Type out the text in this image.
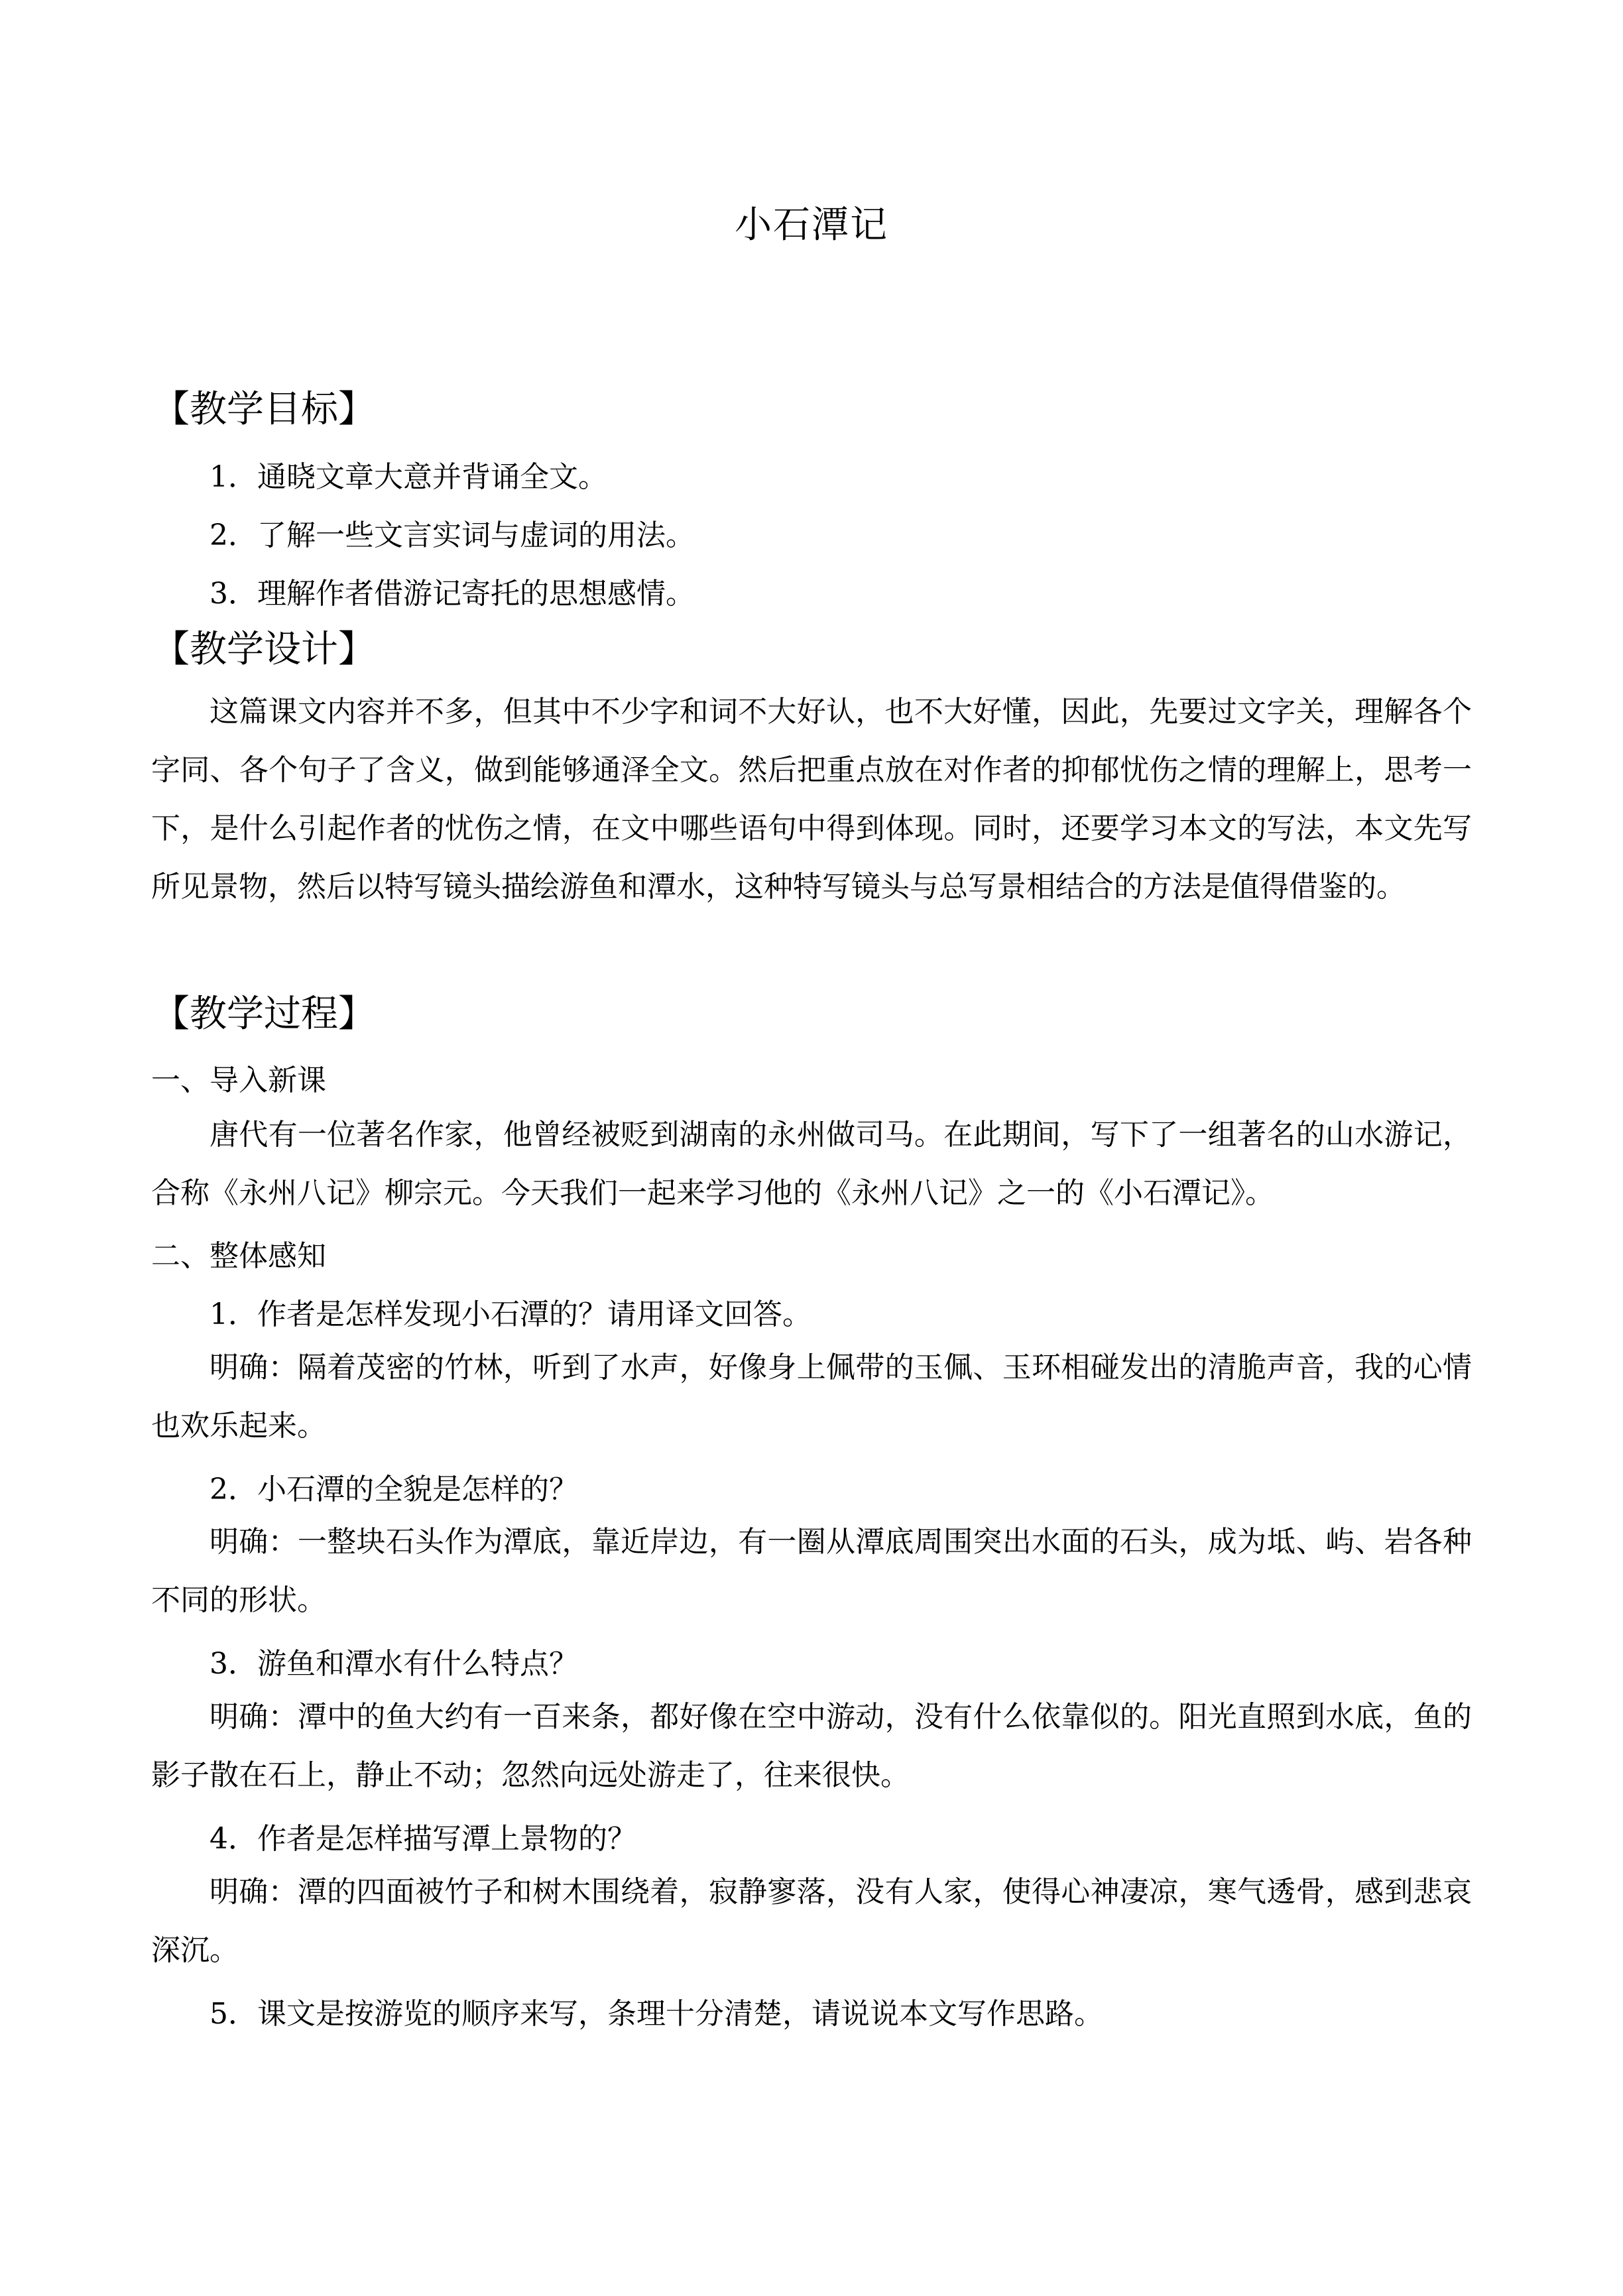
小石潭记
【教学目标】
1．通晓文章大意并背诵全文。
2．了解一些文言实词与虚词的用法。
3．理解作者借游记寄托的思想感情。
【教学设计】
这篇课文内容并不多，但其中不少字和词不大好认，也不大好懂，因此，先要过文字关，理解各个字同、各个句子了含义，做到能够通泽全文。然后把重点放在对作者的抑郁忧伤之情的理解上，思考一下，是什么引起作者的忧伤之情，在文中哪些语句中得到体现。同时，还要学习本文的写法，本文先写所见景物，然后以特写镜头描绘游鱼和潭水，这种特写镜头与总写景相结合的方法是值得借鉴的。
【教学过程】
一、导入新课
唐代有一位著名作家，他曾经被贬到湖南的永州做司马。在此期间，写下了一组著名的山水游记，合称《永州八记》柳宗元。今天我们一起来学习他的《永州八记》之一的《小石潭记》。
二、整体感知
1．作者是怎样发现小石潭的？请用译文回答。
明确：隔着茂密的竹林，听到了水声，好像身上佩带的玉佩、玉环相碰发出的清脆声音，我的心情也欢乐起来。
2．小石潭的全貌是怎样的？
明确：一整块石头作为潭底，靠近岸边，有一圈从潭底周围突出水面的石头，成为坻、屿、岩各种不同的形状。
3．游鱼和潭水有什么特点？
明确：潭中的鱼大约有一百来条，都好像在空中游动，没有什么依靠似的。阳光直照到水底，鱼的影子散在石上，静止不动；忽然向远处游走了，往来很快。
4．作者是怎样描写潭上景物的？
明确：潭的四面被竹子和树木围绕着，寂静寥落，没有人家，使得心神凄凉，寒气透骨，感到悲哀深沉。
5．课文是按游览的顺序来写，条理十分清楚，请说说本文写作思路。
